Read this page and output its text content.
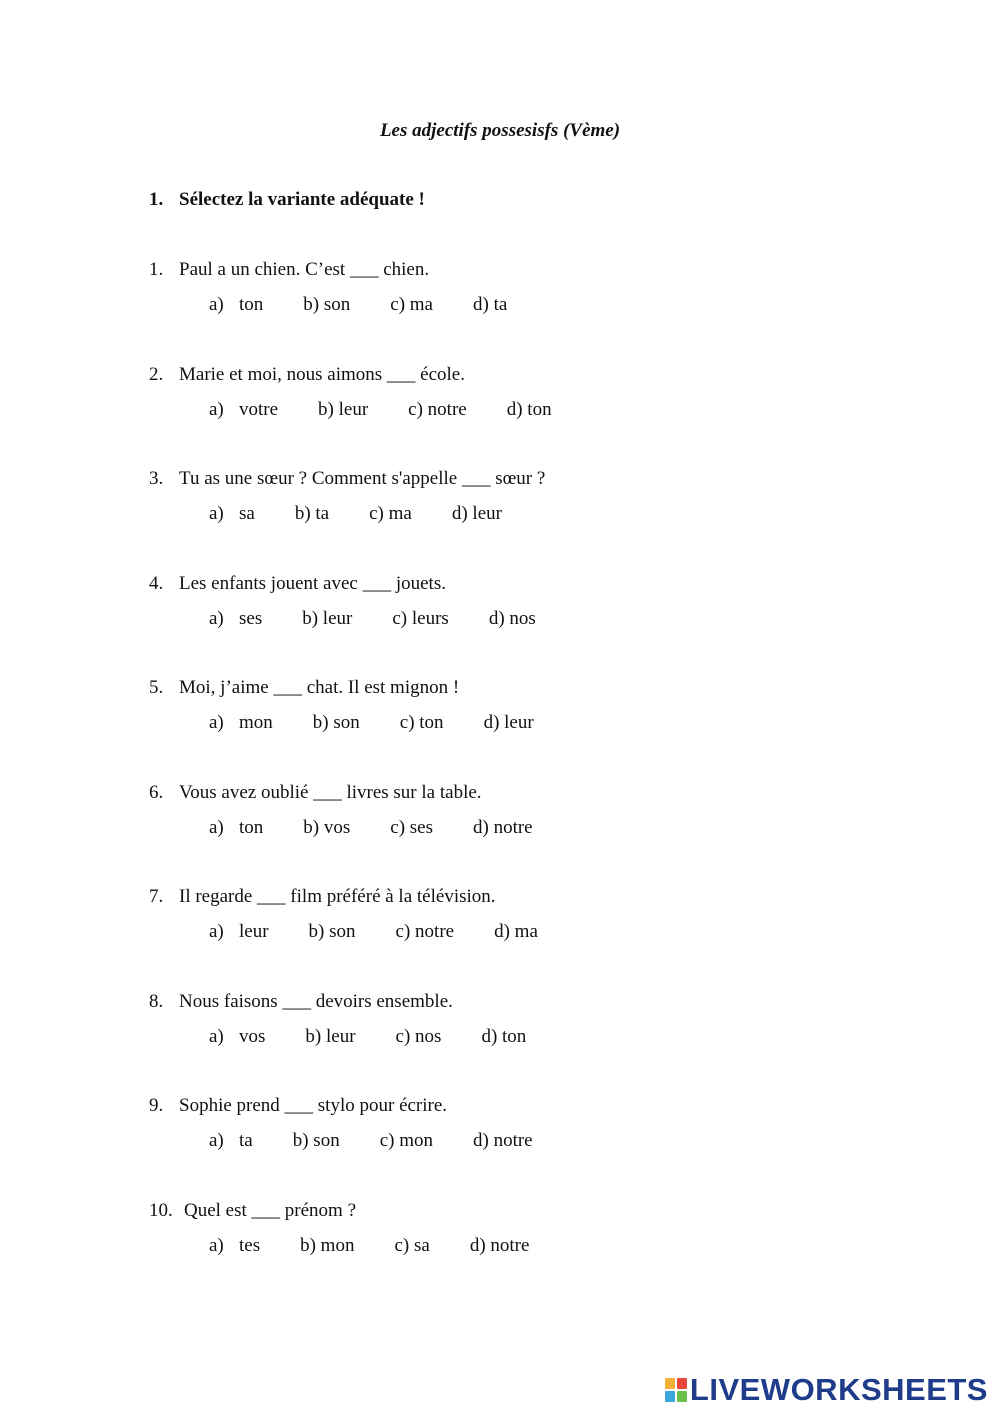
Les adjectifs possesisfs (Vème)
1. Sélectez la variante adéquate !
1. Paul a un chien. C’est ___ chien.
a) ton b) son c) ma d) ta
2. Marie et moi, nous aimons ___ école.
a) votre b) leur c) notre d) ton
3. Tu as une sœur ? Comment s'appelle ___ sœur ?
a) sa b) ta c) ma d) leur
4. Les enfants jouent avec ___ jouets.
a) ses b) leur c) leurs d) nos
5. Moi, j’aime ___ chat. Il est mignon !
a) mon b) son c) ton d) leur
6. Vous avez oublié ___ livres sur la table.
a) ton b) vos c) ses d) notre
7. Il regarde ___ film préféré à la télévision.
a) leur b) son c) notre d) ma
8. Nous faisons ___ devoirs ensemble.
a) vos b) leur c) nos d) ton
9. Sophie prend ___ stylo pour écrire.
a) ta b) son c) mon d) notre
10. Quel est ___ prénom ?
a) tes b) mon c) sa d) notre
LIVEWORKSHEETS
